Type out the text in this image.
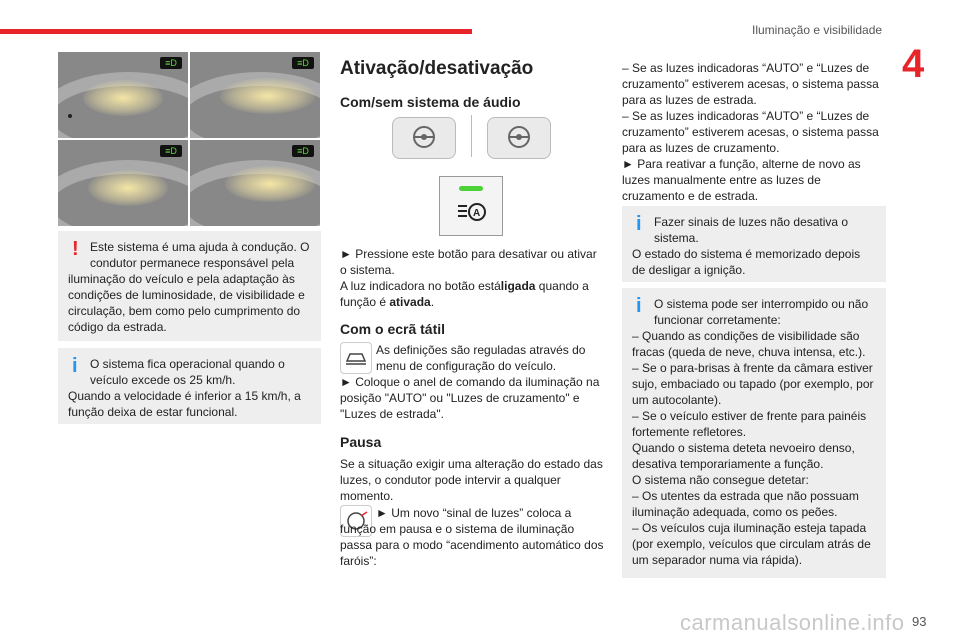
Iluminação e visibilidade
4
≡D	≡D
≡D	≡D
! Este sistema é uma ajuda à condução. O condutor permanece responsável pela

iluminação do veículo e pela adaptação às condições de luminosidade, de visibilidade e circulação, bem como pelo cumprimento do código da estrada.

i	O sistema fica operacional quando o veículo excede os 25 km/h.

Quando a velocidade é inferior a 15 km/h, a função deixa de estar funcional.

Ativação/desativação
Com/sem sistema de áudio
A

► Pressione este botão para desativar ou ativar o sistema.

A luz indicadora no botão estáligada quando a função é ativada.

Com o ecrã tátil

As definições são reguladas através do menu de configuração do veículo.

► Coloque o anel de comando da iluminação na posição "AUTO" ou "Luzes de cruzamento" e "Luzes de estrada".

Pausa

Se a situação exigir uma alteração do estado das luzes, o condutor pode intervir a qualquer momento.

► Um novo “sinal de luzes” coloca a função em pausa e o sistema de iluminação passa para o modo “acendimento automático dos faróis”:

– Se as luzes indicadoras “AUTO” e “Luzes de cruzamento” estiverem acesas, o sistema passa para as luzes de estrada.

– Se as luzes indicadoras “AUTO” e “Luzes de cruzamento” estiverem acesas, o sistema passa para as luzes de cruzamento.

► Para reativar a função, alterne de novo as luzes manualmente entre as luzes de cruzamento e de estrada.

i	Fazer sinais de luzes não desativa o sistema.

O estado do sistema é memorizado depois de desligar a ignição.

i	O sistema pode ser interrompido ou não funcionar corretamente:

– Quando as condições de visibilidade são fracas (queda de neve, chuva intensa, etc.).

– Se o para-brisas à frente da câmara estiver sujo, embaciado ou tapado (por exemplo, por um autocolante).

– Se o veículo estiver de frente para painéis fortemente refletores.

Quando o sistema deteta nevoeiro denso, desativa temporariamente a função.

O sistema não consegue detetar:

– Os utentes da estrada que não possuam iluminação adequada, como os peões.

– Os veículos cuja iluminação esteja tapada (por exemplo, veículos que circulam atrás de um separador numa via rápida).

carmanualsonline.info 93
